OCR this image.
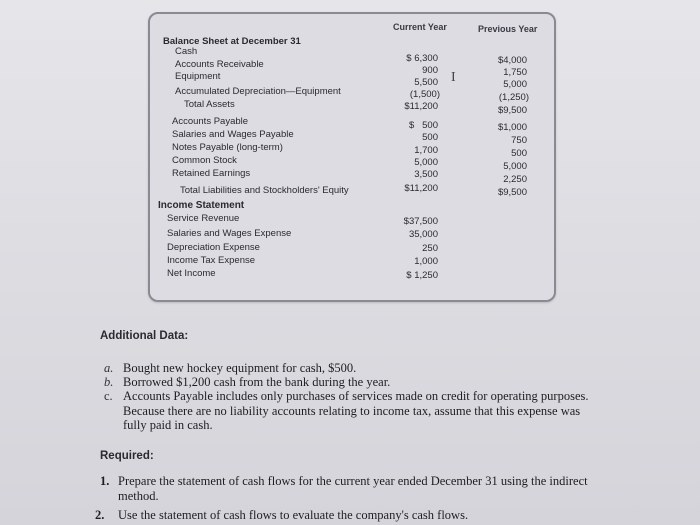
Current Year	Previous Year
Balance Sheet at December 31
Cash
Accounts Receivable
Equipment
Accumulated Depreciation—Equipment
Total Assets
Accounts Payable
Salaries and Wages Payable
Notes Payable (long-term)
Common Stock
Retained Earnings
Total Liabilities and Stockholders' Equity
$ 6,300
900
5,500
(1,500)
$11,200
$   500
500
1,700
5,000
3,500
$11,200
$4,000
1,750
5,000
(1,250)
$9,500
$1,000
750
500
5,000
2,250
$9,500
I
Income Statement
Service Revenue
Salaries and Wages Expense
Depreciation Expense
Income Tax Expense
Net Income
$37,500
35,000
250
1,000
$ 1,250
Additional Data:
a. Bought new hockey equipment for cash, $500.
b. Borrowed $1,200 cash from the bank during the year.
c. Accounts Payable includes only purchases of services made on credit for operating purposes.
Because there are no liability accounts relating to income tax, assume that this expense was
fully paid in cash.
Required:
1. Prepare the statement of cash flows for the current year ended December 31 using the indirect
method.
2. Use the statement of cash flows to evaluate the company's cash flows.
